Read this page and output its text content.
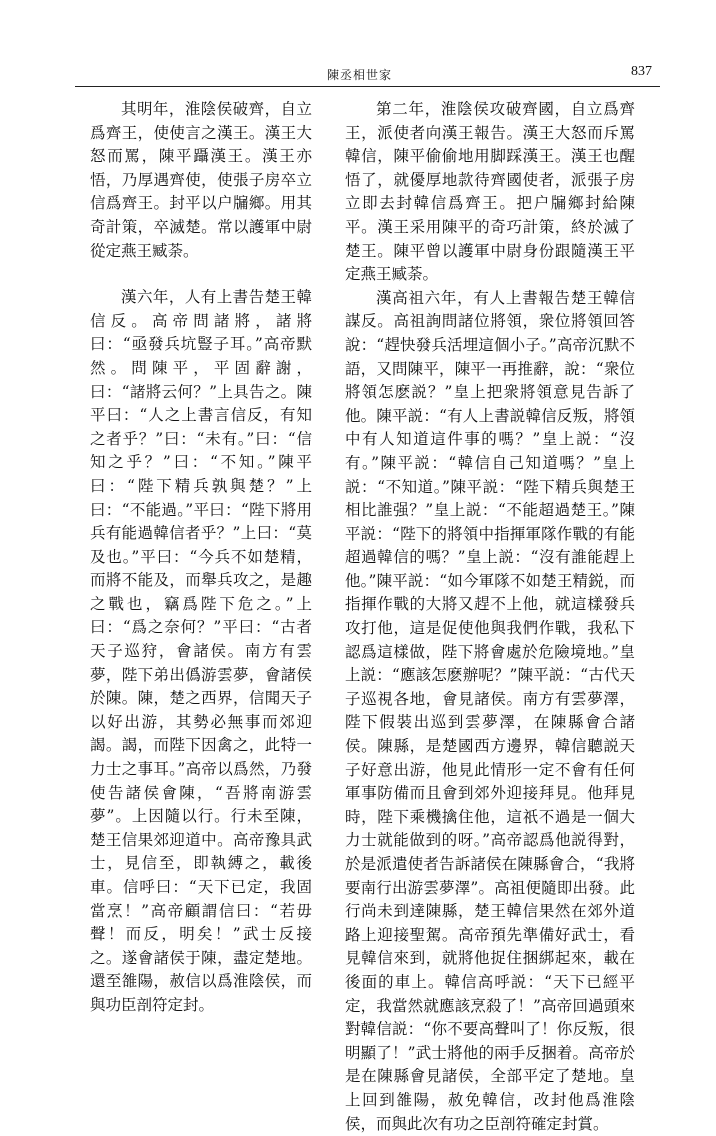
陳丞相世家	837

其明年，淮陰侯破齊，自立爲齊王，使使言之漢王。漢王大怒而罵，陳平躡漢王。漢王亦悟，乃厚遇齊使，使張子房卒立信爲齊王。封平以户牖鄉。用其奇計策，卒滅楚。常以護軍中尉從定燕王臧荼。

漢六年，人有上書告楚王韓信反。高帝問諸將，諸將曰：“亟發兵坑豎子耳。”高帝默然。問陳平，平固辭謝，曰：“諸將云何？”上具告之。陳平曰：“人之上書言信反，有知之者乎？”曰：“未有。”曰：“信知之乎？”曰：“不知。”陳平曰：“陛下精兵孰與楚？”上曰：“不能過。”平曰：“陛下將用兵有能過韓信者乎？”上曰：“莫及也。”平曰：“今兵不如楚精，而將不能及，而舉兵攻之，是趣之戰也，竊爲陛下危之。”上曰：“爲之奈何？”平曰：“古者天子巡狩，會諸侯。南方有雲夢，陛下弟出僞游雲夢，會諸侯於陳。陳，楚之西界，信聞天子以好出游，其勢必無事而郊迎謁。謁，而陛下因禽之，此特一力士之事耳。”高帝以爲然，乃發使告諸侯會陳，“吾將南游雲夢”。上因隨以行。行未至陳，楚王信果郊迎道中。高帝豫具武士，見信至，即執縛之，載後車。信呼曰：“天下已定，我固當烹！”高帝顧謂信曰：“若毋聲！而反，明矣！”武士反接之。遂會諸侯于陳，盡定楚地。還至雒陽，赦信以爲淮陰侯，而與功臣剖符定封。

第二年，淮陰侯攻破齊國，自立爲齊王，派使者向漢王報告。漢王大怒而斥罵韓信，陳平偷偷地用脚踩漢王。漢王也醒悟了，就優厚地款待齊國使者，派張子房立即去封韓信爲齊王。把户牖鄉封給陳平。漢王采用陳平的奇巧計策，終於滅了楚王。陳平曾以護軍中尉身份跟隨漢王平定燕王臧荼。

漢高祖六年，有人上書報告楚王韓信謀反。高祖詢問諸位將領，衆位將領回答說：“趕快發兵活埋這個小子。”高帝沉默不語，又問陳平，陳平一再推辭，說：“衆位將領怎麽説？”皇上把衆將領意見告訴了他。陳平説：“有人上書説韓信反叛，將領中有人知道這件事的嗎？”皇上説：“沒有。”陳平説：“韓信自己知道嗎？”皇上説：“不知道。”陳平説：“陛下精兵與楚王相比誰强？”皇上説：“不能超過楚王。”陳平説：“陛下的將領中指揮軍隊作戰的有能超過韓信的嗎？”皇上説：“沒有誰能趕上他。”陳平説：“如今軍隊不如楚王精鋭，而指揮作戰的大將又趕不上他，就這樣發兵攻打他，這是促使他與我們作戰，我私下認爲這樣做，陛下將會處於危險境地。”皇上説：“應該怎麽辦呢？”陳平説：“古代天子巡視各地，會見諸侯。南方有雲夢澤，陛下假裝出巡到雲夢澤，在陳縣會合諸侯。陳縣，是楚國西方邊界，韓信聽説天子好意出游，他見此情形一定不會有任何軍事防備而且會到郊外迎接拜見。他拜見時，陛下乘機擒住他，這祇不過是一個大力士就能做到的呀。”高帝認爲他説得對，於是派遣使者告訴諸侯在陳縣會合，“我將要南行出游雲夢澤”。高祖便隨即出發。此行尚未到達陳縣，楚王韓信果然在郊外道路上迎接聖駕。高帝預先準備好武士，看見韓信來到，就將他捉住捆綁起來，載在後面的車上。韓信高呼説：“天下已經平定，我當然就應該烹殺了！”高帝回過頭來對韓信説：“你不要高聲叫了！你反叛，很明顯了！”武士將他的兩手反捆着。高帝於是在陳縣會見諸侯，全部平定了楚地。皇上回到雒陽，赦免韓信，改封他爲淮陰侯，而與此次有功之臣剖符確定封賞。
